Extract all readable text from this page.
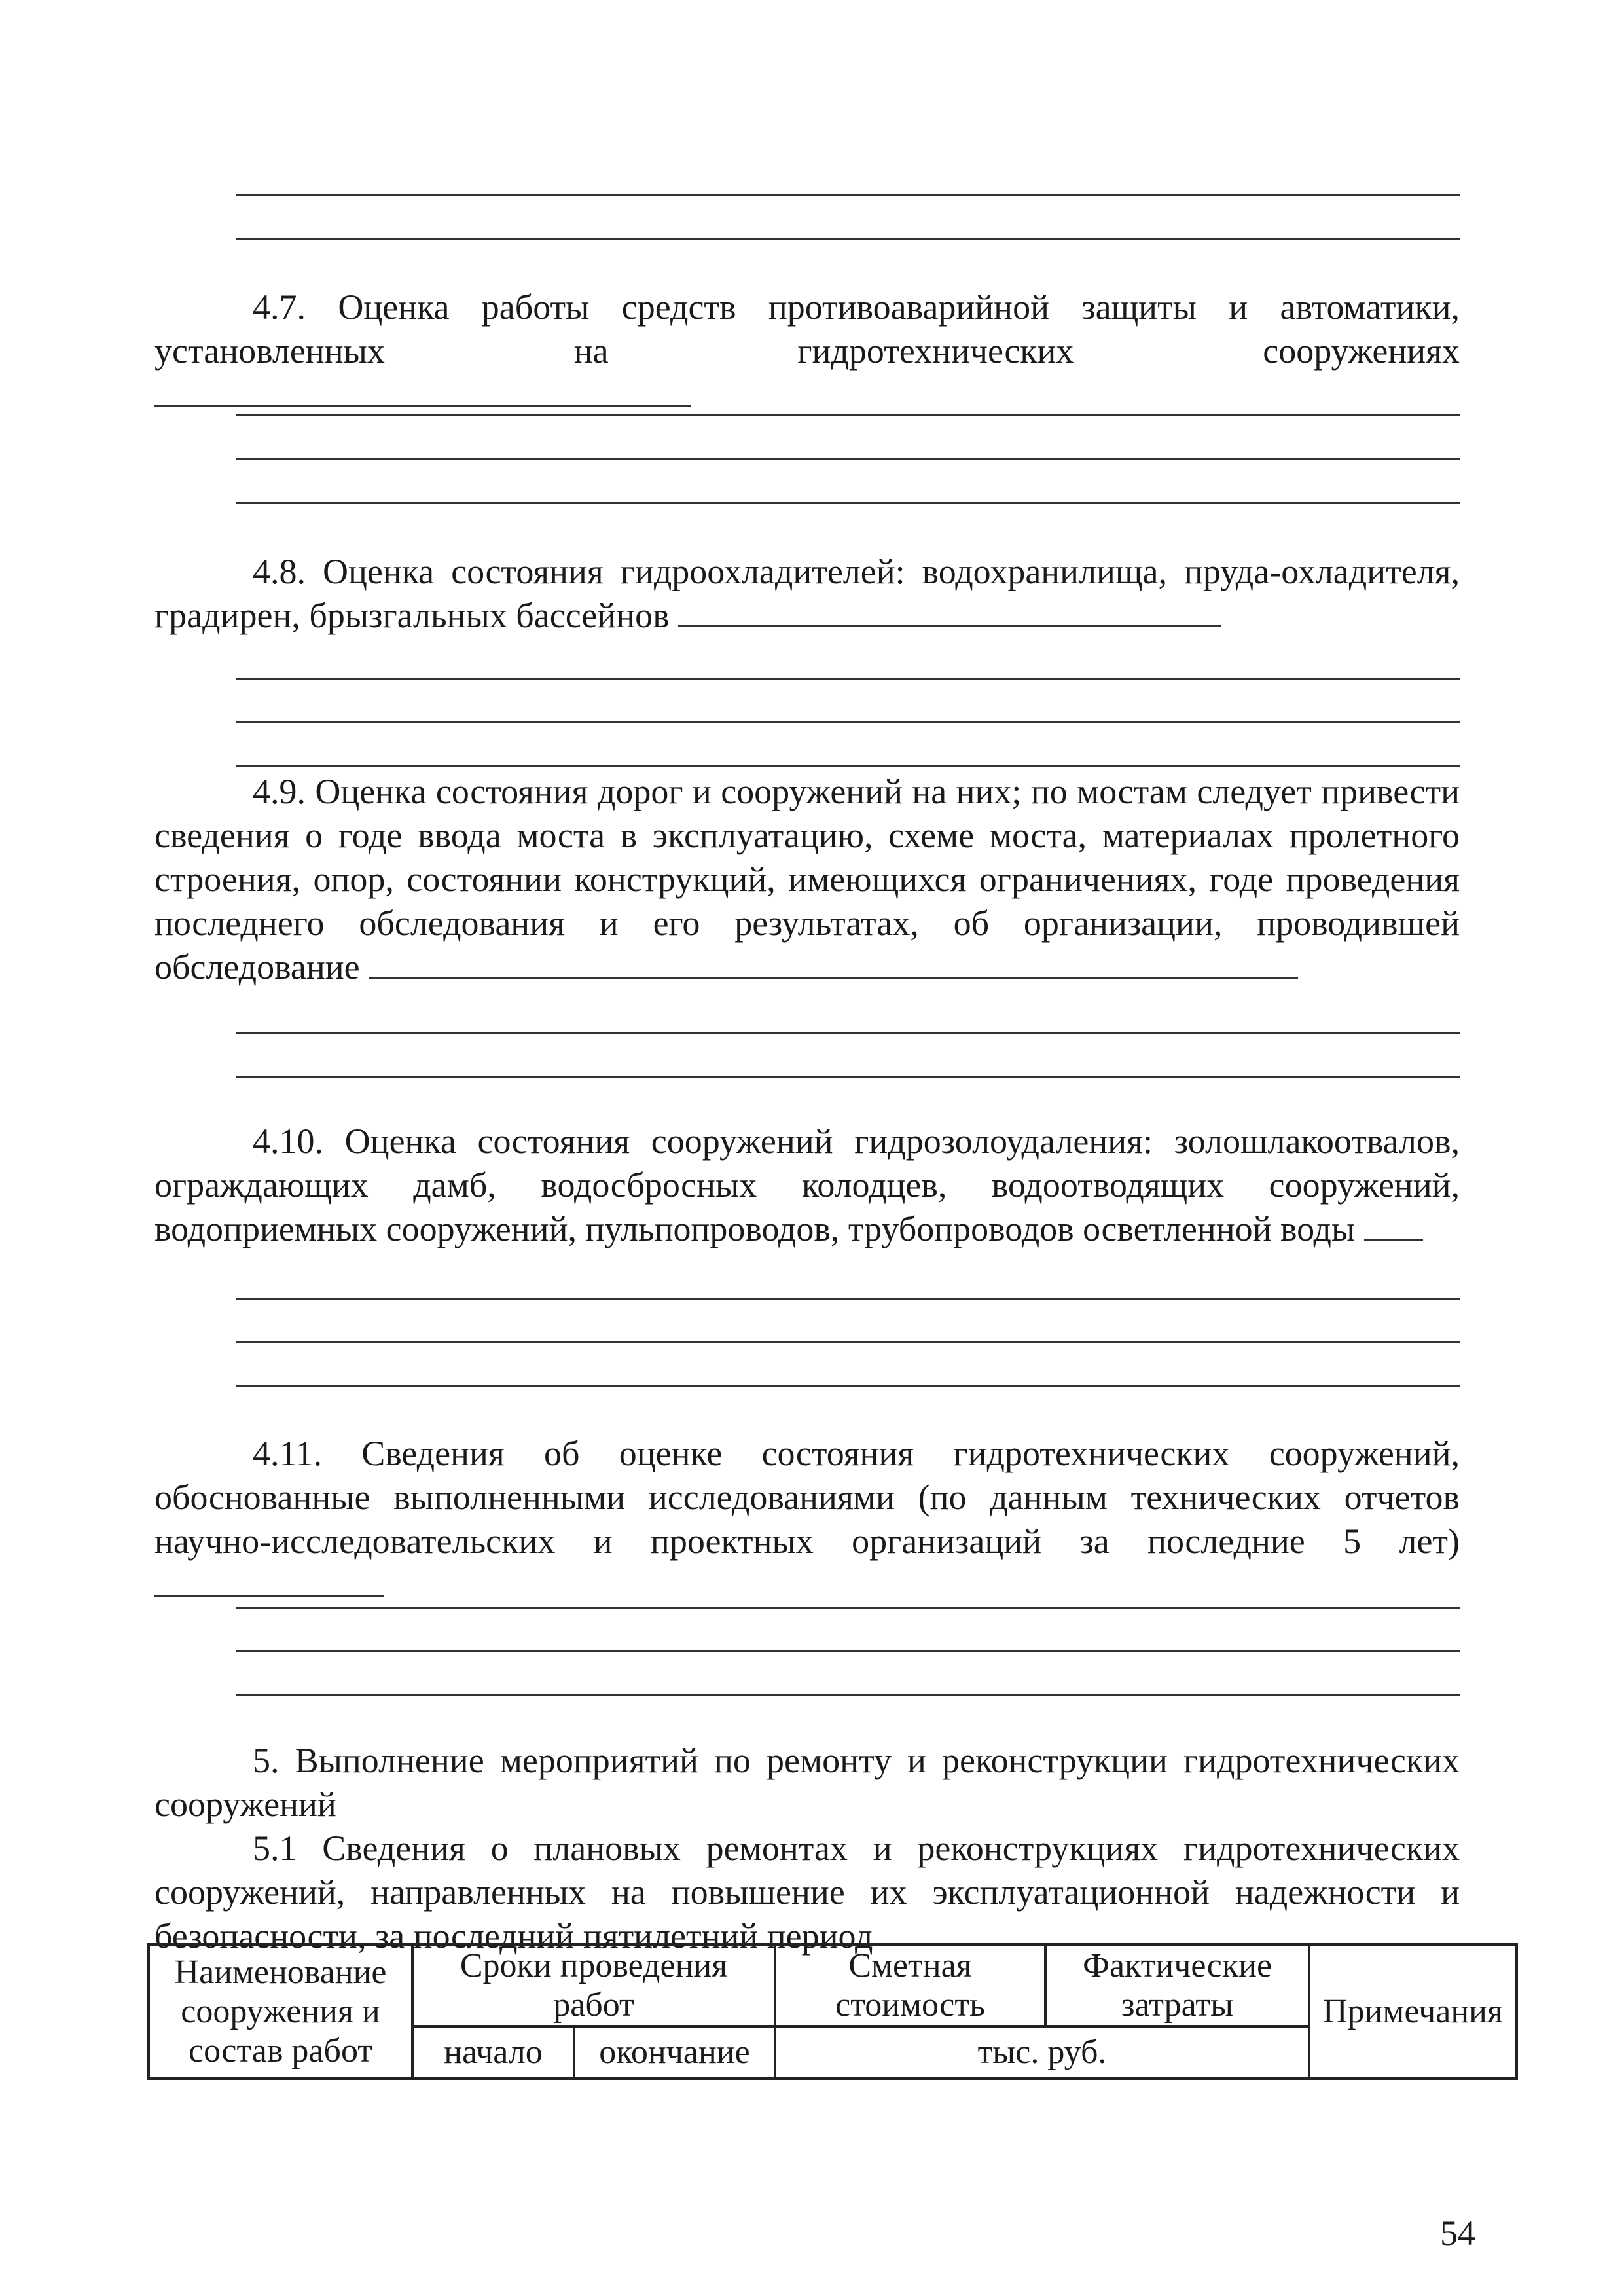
4.7. Оценка работы средств противоаварийной защиты и автоматики, установленных на гидротехнических сооружениях

4.8. Оценка состояния гидроохладителей: водохранилища, пруда-охладителя, градирен, брызгальных бассейнов

4.9. Оценка состояния дорог и сооружений на них; по мостам следует привести сведения о годе ввода моста в эксплуатацию, схеме моста, материалах пролетного строения, опор, состоянии конструкций, имеющихся ограничениях, годе проведения последнего обследования и его результатах, об организации, проводившей обследование

4.10. Оценка состояния сооружений гидрозолоудаления: золошлакоотвалов, ограждающих дамб, водосбросных колодцев, водоотводящих сооружений, водоприемных сооружений, пульпопроводов, трубопроводов осветленной воды

4.11. Сведения об оценке состояния гидротехнических сооружений, обоснованные выполненными исследованиями (по данным технических отчетов научно-исследовательских и проектных организаций за последние 5 лет)

5. Выполнение мероприятий по ремонту и реконструкции гидротехнических сооружений

5.1 Сведения о плановых ремонтах и реконструкциях гидротехнических сооружений, направленных на повышение их эксплуатационной надежности и безопасности, за последний пятилетний период

Наименование сооружения и состав работ	Сроки проведения работ		Сметная стоимость	Фактические затраты	Примечания
	начало	окончание	тыс. руб.		
54
